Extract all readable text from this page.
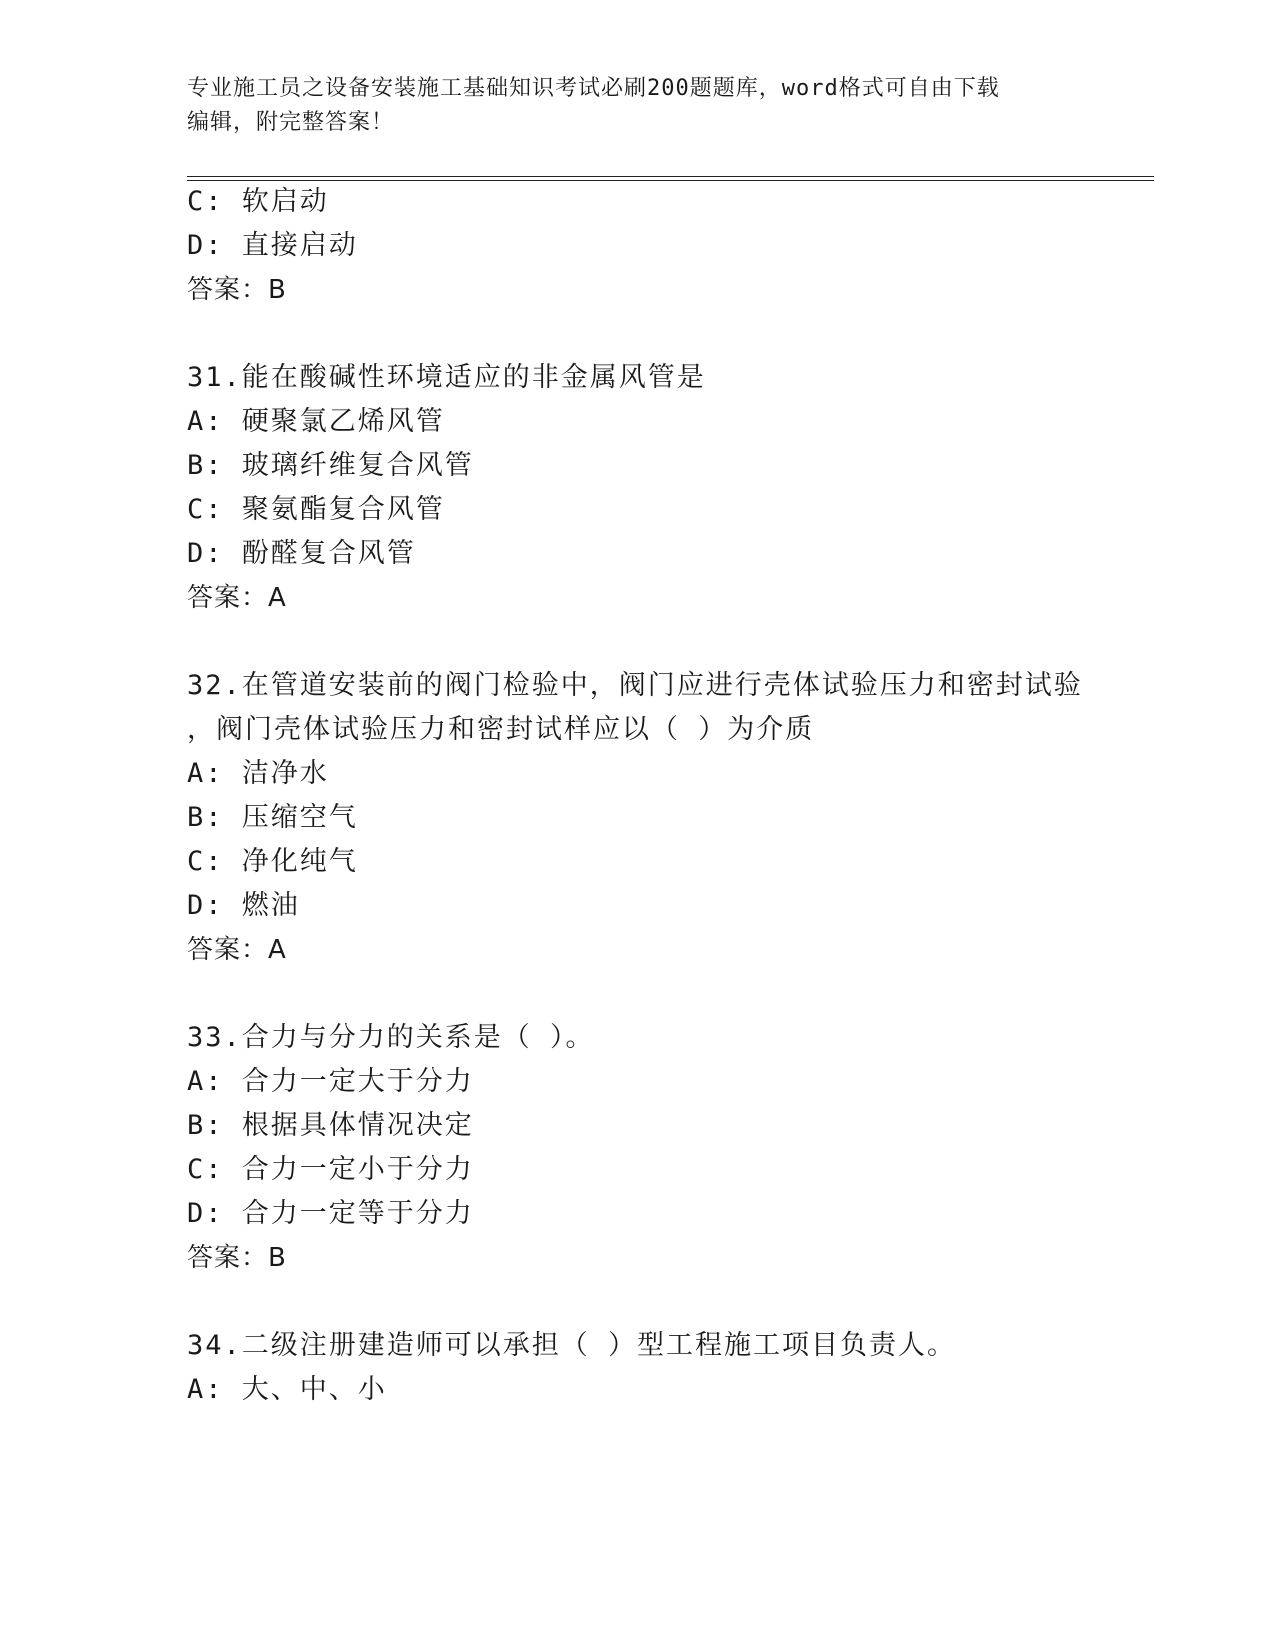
专业施工员之设备安装施工基础知识考试必刷200题题库，word格式可自由下载
编辑，附完整答案！
C: 软启动
D: 直接启动
答案：B
31.能在酸碱性环境适应的非金属风管是
A: 硬聚氯乙烯风管
B: 玻璃纤维复合风管
C: 聚氨酯复合风管
D: 酚醛复合风管
答案：A
32.在管道安装前的阀门检验中，阀门应进行壳体试验压力和密封试验
，阀门壳体试验压力和密封试样应以（ ）为介质
A: 洁净水
B: 压缩空气
C: 净化纯气
D: 燃油
答案：A
33.合力与分力的关系是（ ）。
A: 合力一定大于分力
B: 根据具体情况决定
C: 合力一定小于分力
D: 合力一定等于分力
答案：B
34.二级注册建造师可以承担（ ）型工程施工项目负责人。
A: 大、中、小
